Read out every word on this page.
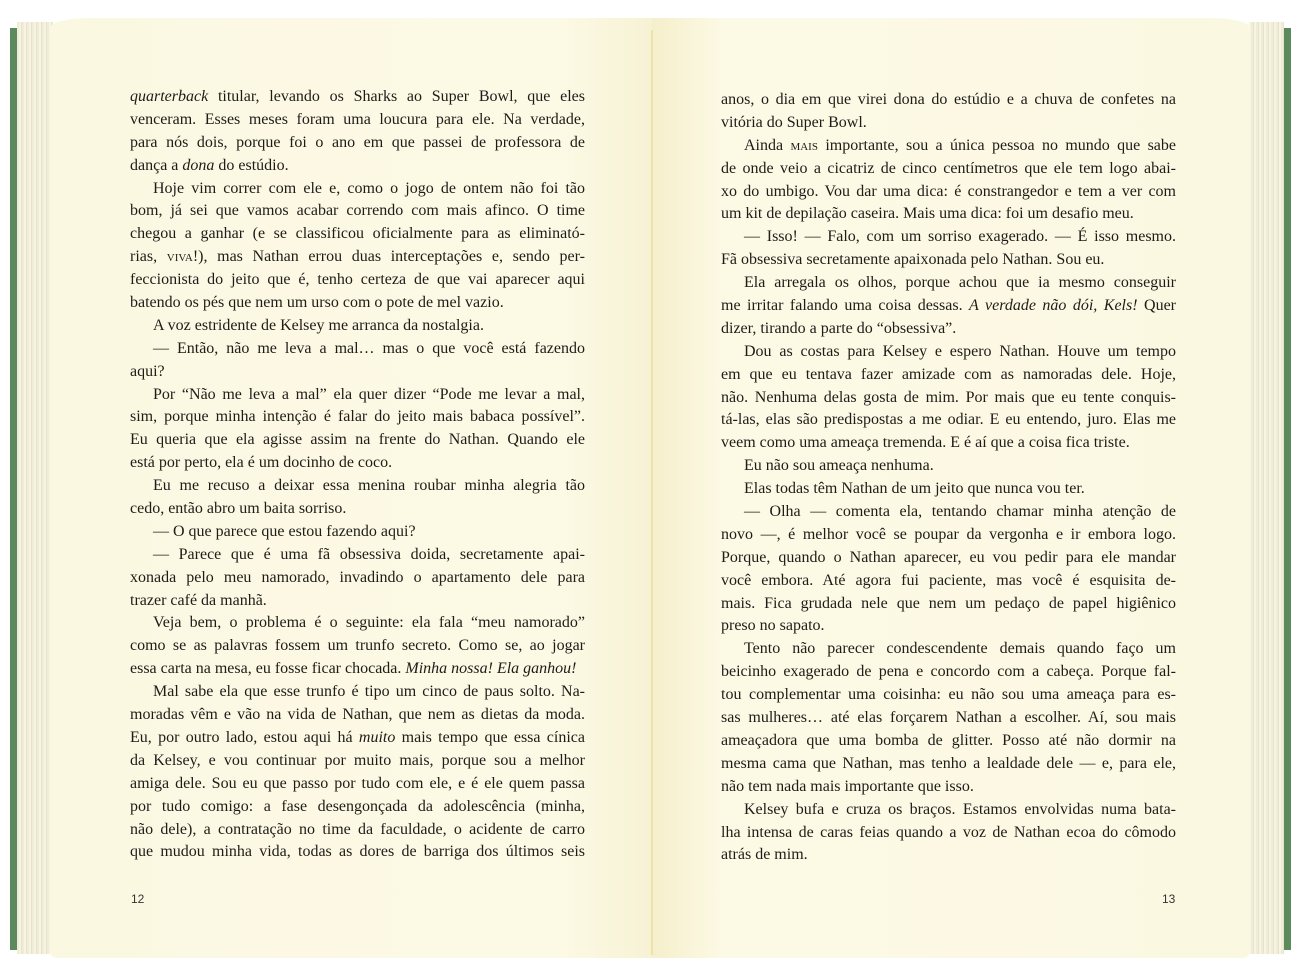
quarterback titular, levando os Sharks ao Super Bowl, que eles
venceram. Esses meses foram uma loucura para ele. Na verdade,
para nós dois, porque foi o ano em que passei de professora de
dança a dona do estúdio.
Hoje vim correr com ele e, como o jogo de ontem não foi tão
bom, já sei que vamos acabar correndo com mais afinco. O time
chegou a ganhar (e se classificou oficialmente para as eliminató-
rias, viva!), mas Nathan errou duas interceptações e, sendo per-
feccionista do jeito que é, tenho certeza de que vai aparecer aqui
batendo os pés que nem um urso com o pote de mel vazio.
A voz estridente de Kelsey me arranca da nostalgia.
— Então, não me leva a mal… mas o que você está fazendo
aqui?
Por “Não me leva a mal” ela quer dizer “Pode me levar a mal,
sim, porque minha intenção é falar do jeito mais babaca possível”.
Eu queria que ela agisse assim na frente do Nathan. Quando ele
está por perto, ela é um docinho de coco.
Eu me recuso a deixar essa menina roubar minha alegria tão
cedo, então abro um baita sorriso.
— O que parece que estou fazendo aqui?
— Parece que é uma fã obsessiva doida, secretamente apai-
xonada pelo meu namorado, invadindo o apartamento dele para
trazer café da manhã.
Veja bem, o problema é o seguinte: ela fala “meu namorado”
como se as palavras fossem um trunfo secreto. Como se, ao jogar
essa carta na mesa, eu fosse ficar chocada. Minha nossa! Ela ganhou!
Mal sabe ela que esse trunfo é tipo um cinco de paus solto. Na-
moradas vêm e vão na vida de Nathan, que nem as dietas da moda.
Eu, por outro lado, estou aqui há muito mais tempo que essa cínica
da Kelsey, e vou continuar por muito mais, porque sou a melhor
amiga dele. Sou eu que passo por tudo com ele, e é ele quem passa
por tudo comigo: a fase desengonçada da adolescência (minha,
não dele), a contratação no time da faculdade, o acidente de carro
que mudou minha vida, todas as dores de barriga dos últimos seis
anos, o dia em que virei dona do estúdio e a chuva de confetes na
vitória do Super Bowl.
Ainda mais importante, sou a única pessoa no mundo que sabe
de onde veio a cicatriz de cinco centímetros que ele tem logo abai-
xo do umbigo. Vou dar uma dica: é constrangedor e tem a ver com
um kit de depilação caseira. Mais uma dica: foi um desafio meu.
— Isso! — Falo, com um sorriso exagerado. — É isso mesmo.
Fã obsessiva secretamente apaixonada pelo Nathan. Sou eu.
Ela arregala os olhos, porque achou que ia mesmo conseguir
me irritar falando uma coisa dessas. A verdade não dói, Kels! Quer
dizer, tirando a parte do “obsessiva”.
Dou as costas para Kelsey e espero Nathan. Houve um tempo
em que eu tentava fazer amizade com as namoradas dele. Hoje,
não. Nenhuma delas gosta de mim. Por mais que eu tente conquis-
tá-las, elas são predispostas a me odiar. E eu entendo, juro. Elas me
veem como uma ameaça tremenda. E é aí que a coisa fica triste.
Eu não sou ameaça nenhuma.
Elas todas têm Nathan de um jeito que nunca vou ter.
— Olha — comenta ela, tentando chamar minha atenção de
novo —, é melhor você se poupar da vergonha e ir embora logo.
Porque, quando o Nathan aparecer, eu vou pedir para ele mandar
você embora. Até agora fui paciente, mas você é esquisita de-
mais. Fica grudada nele que nem um pedaço de papel higiênico
preso no sapato.
Tento não parecer condescendente demais quando faço um
beicinho exagerado de pena e concordo com a cabeça. Porque fal-
tou complementar uma coisinha: eu não sou uma ameaça para es-
sas mulheres… até elas forçarem Nathan a escolher. Aí, sou mais
ameaçadora que uma bomba de glitter. Posso até não dormir na
mesma cama que Nathan, mas tenho a lealdade dele — e, para ele,
não tem nada mais importante que isso.
Kelsey bufa e cruza os braços. Estamos envolvidas numa bata-
lha intensa de caras feias quando a voz de Nathan ecoa do cômodo
atrás de mim.
12	13
